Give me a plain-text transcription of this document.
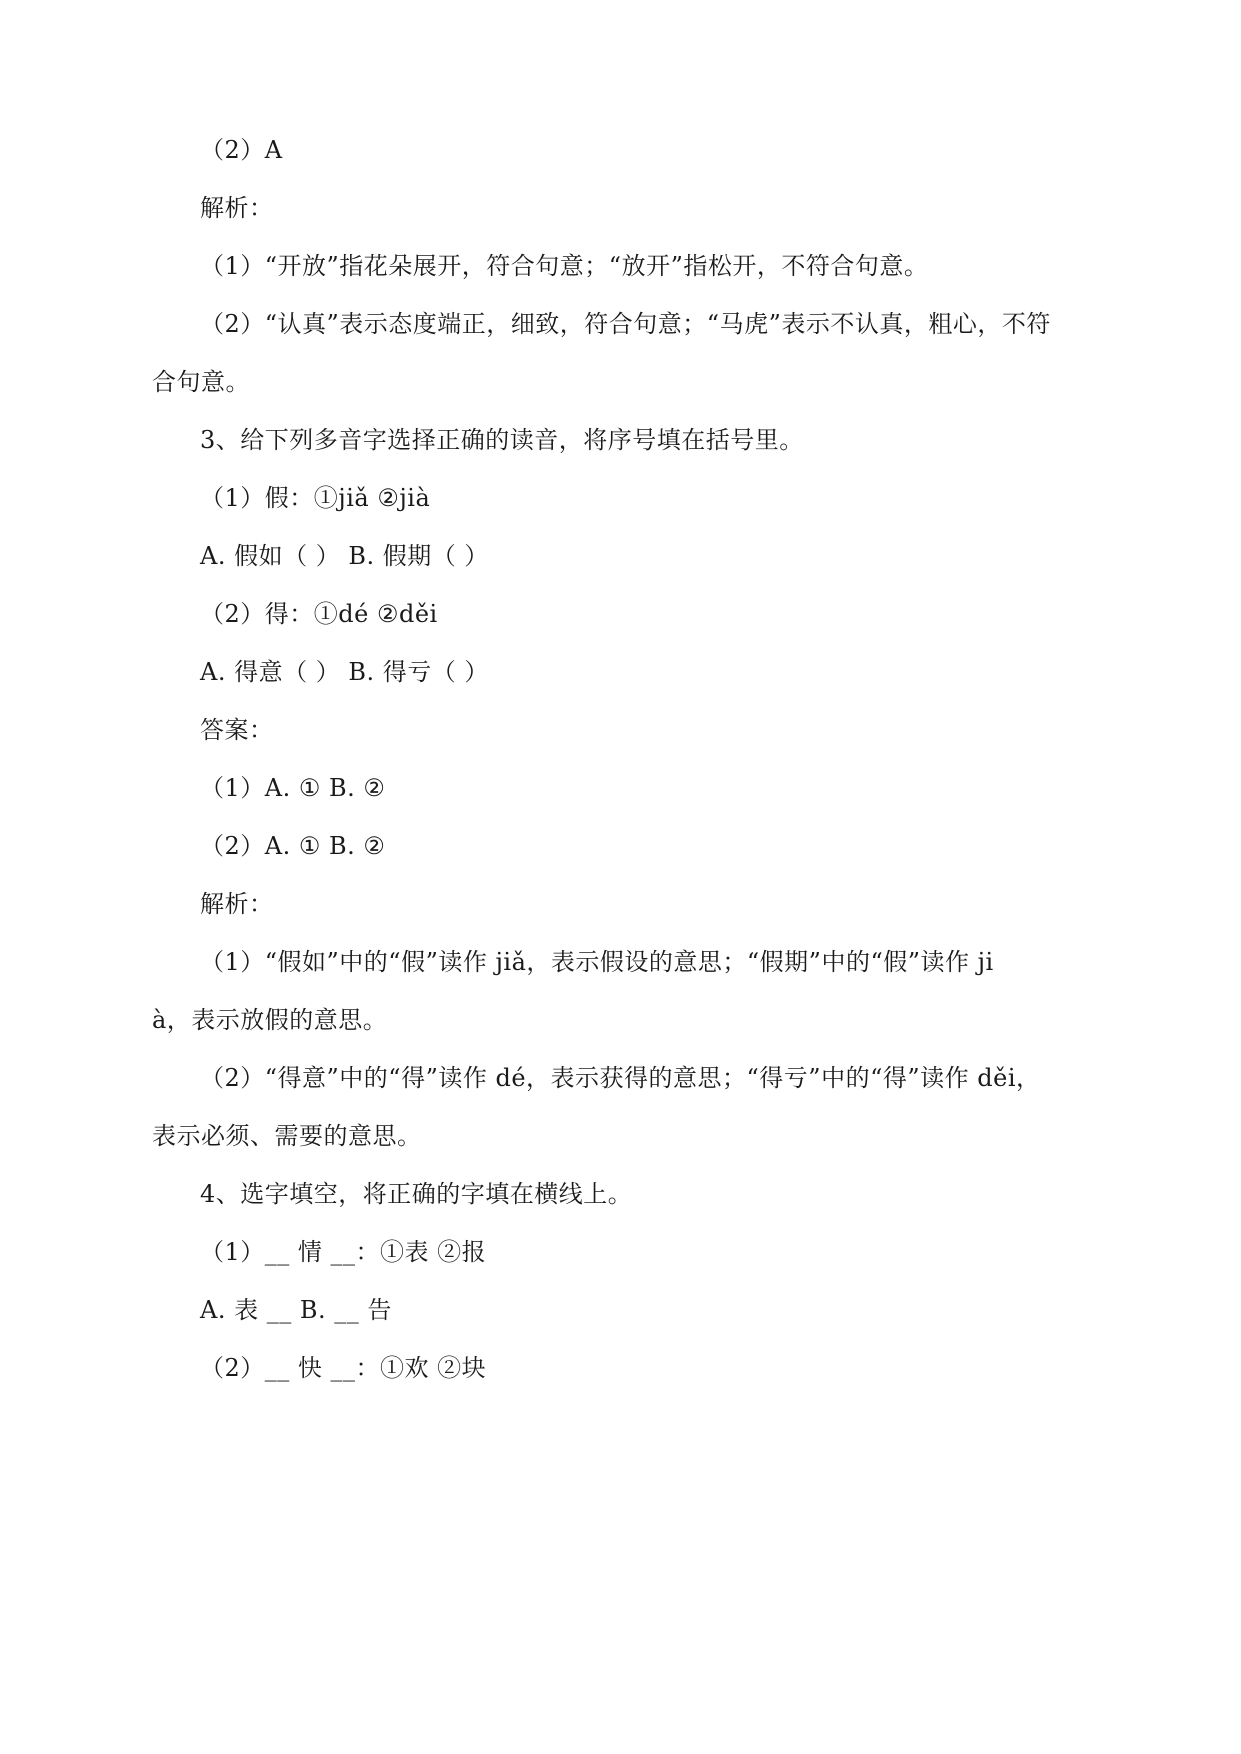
（2）A
解析：
（1）“开放”指花朵展开，符合句意；“放开”指松开，不符合句意。
（2）“认真”表示态度端正，细致，符合句意；“马虎”表示不认真，粗心，不符
合句意。
3、给下列多音字选择正确的读音，将序号填在括号里。
（1）假：①jiǎ ②jià
A. 假如（ ） B. 假期（ ）
（2）得：①dé ②děi
A. 得意（ ） B. 得亏（ ）
答案：
（1）A. ① B. ②
（2）A. ① B. ②
解析：
（1）“假如”中的“假”读作 jiǎ，表示假设的意思；“假期”中的“假”读作 ji
à，表示放假的意思。
（2）“得意”中的“得”读作 dé，表示获得的意思；“得亏”中的“得”读作 děi，
表示必须、需要的意思。
4、选字填空，将正确的字填在横线上。
（1）__ 情 __：①表 ②报
A. 表 __ B. __ 告
（2）__ 快 __：①欢 ②块
